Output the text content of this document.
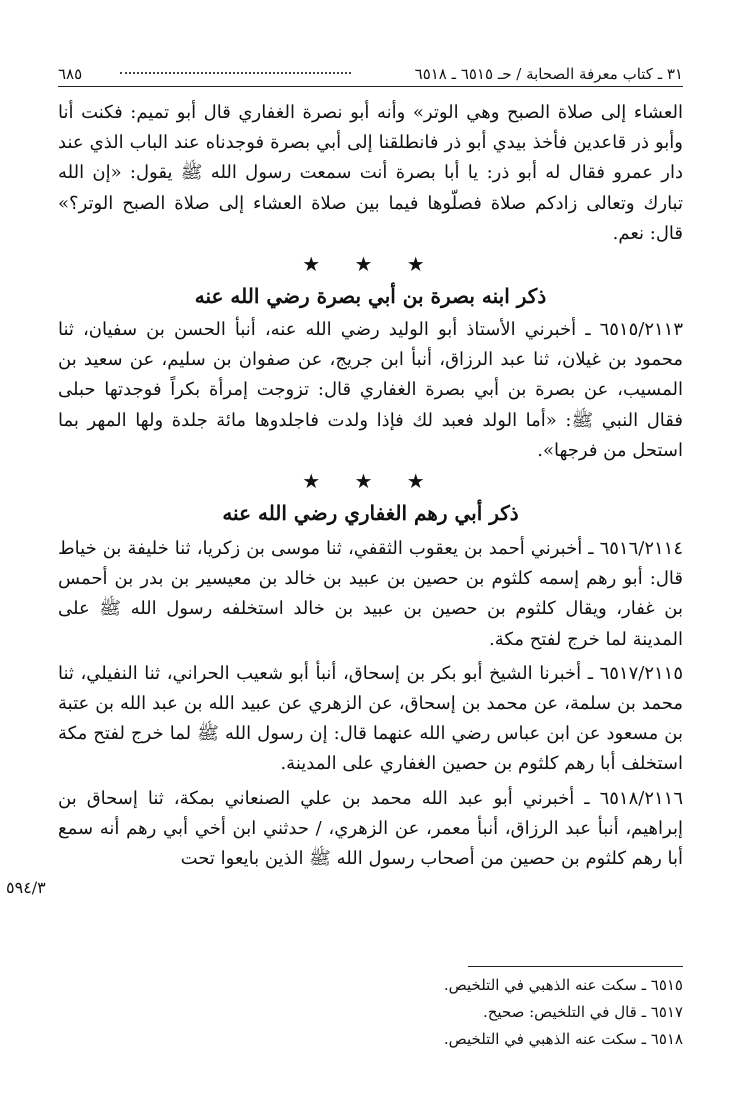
٣١ ـ كتاب معرفة الصحابة / حـ ٦٥١٥ ـ ٦٥١٨
٦٨٥

العشاء إلى صلاة الصبح وهي الوتر» وأنه أبو نصرة الغفاري قال أبو تميم: فكنت أنا وأبو ذر قاعدين فأخذ بيدي أبو ذر فانطلقنا إلى أبي بصرة فوجدناه عند الباب الذي عند دار عمرو فقال له أبو ذر: يا أبا بصرة أنت سمعت رسول الله ﷺ يقول: «إن الله تبارك وتعالى زادكم صلاة فصلّوها فيما بين صلاة العشاء إلى صلاة الصبح الوتر؟» قال: نعم.

★ ★ ★
ذكر ابنه بصرة بن أبي بصرة رضي الله عنه

٦٥١٥/٢١١٣ ـ أخبرني الأستاذ أبو الوليد رضي الله عنه، أنبأ الحسن بن سفيان، ثنا محمود بن غيلان، ثنا عبد الرزاق، أنبأ ابن جريج، عن صفوان بن سليم، عن سعيد بن المسيب، عن بصرة بن أبي بصرة الغفاري قال: تزوجت إمرأة بكراً فوجدتها حبلى فقال النبي ﷺ: «أما الولد فعبد لك فإذا ولدت فاجلدوها مائة جلدة ولها المهر بما استحل من فرجها».

★ ★ ★
ذكر أبي رهم الغفاري رضي الله عنه

٦٥١٦/٢١١٤ ـ أخبرني أحمد بن يعقوب الثقفي، ثنا موسى بن زكريا، ثنا خليفة بن خياط قال: أبو رهم إسمه كلثوم بن حصين بن عبيد بن خالد بن معيسير بن بدر بن أحمس بن غفار، ويقال كلثوم بن حصين بن عبيد بن خالد استخلفه رسول الله ﷺ على المدينة لما خرج لفتح مكة.

٦٥١٧/٢١١٥ ـ أخبرنا الشيخ أبو بكر بن إسحاق، أنبأ أبو شعيب الحراني، ثنا النفيلي، ثنا محمد بن سلمة، عن محمد بن إسحاق، عن الزهري عن عبيد الله بن عبد الله بن عتبة بن مسعود عن ابن عباس رضي الله عنهما قال: إن رسول الله ﷺ لما خرج لفتح مكة استخلف أبا رهم كلثوم بن حصين الغفاري على المدينة.

٦٥١٨/٢١١٦ ـ أخبرني أبو عبد الله محمد بن علي الصنعاني بمكة، ثنا إسحاق بن إبراهيم، أنبأ عبد الرزاق، أنبأ معمر، عن الزهري، / حدثني ابن أخي أبي رهم أنه سمع أبا رهم كلثوم بن حصين من أصحاب رسول الله ﷺ الذين بايعوا تحت

٥٩٤/٣
٦٥١٥ ـ سكت عنه الذهبي في التلخيص.
٦٥١٧ ـ قال في التلخيص: صحيح.
٦٥١٨ ـ سكت عنه الذهبي في التلخيص.
